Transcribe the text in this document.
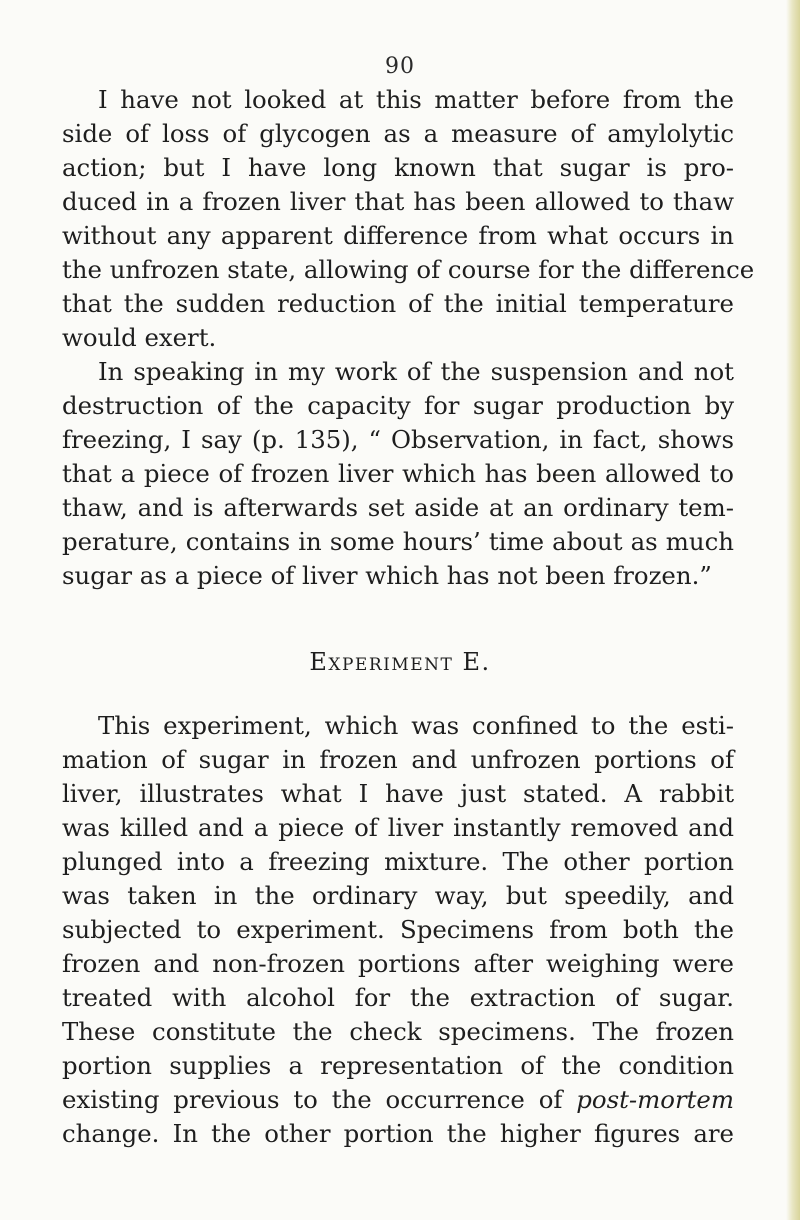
90
I have not looked at this matter before from the
side of loss of glycogen as a measure of amylolytic
action; but I have long known that sugar is pro-
duced in a frozen liver that has been allowed to thaw
without any apparent difference from what occurs in
the unfrozen state, allowing of course for the difference
that the sudden reduction of the initial temperature
would exert.
In speaking in my work of the suspension and not
destruction of the capacity for sugar production by
freezing, I say (p. 135), “ Observation, in fact, shows
that a piece of frozen liver which has been allowed to
thaw, and is afterwards set aside at an ordinary tem-
perature, contains in some hours’ time about as much
sugar as a piece of liver which has not been frozen.”
Experiment E.
This experiment, which was confined to the esti-
mation of sugar in frozen and unfrozen portions of
liver, illustrates what I have just stated. A rabbit
was killed and a piece of liver instantly removed and
plunged into a freezing mixture. The other portion
was taken in the ordinary way, but speedily, and
subjected to experiment. Specimens from both the
frozen and non-frozen portions after weighing were
treated with alcohol for the extraction of sugar.
These constitute the check specimens. The frozen
portion supplies a representation of the condition
existing previous to the occurrence of post-mortem
change. In the other portion the higher figures are
